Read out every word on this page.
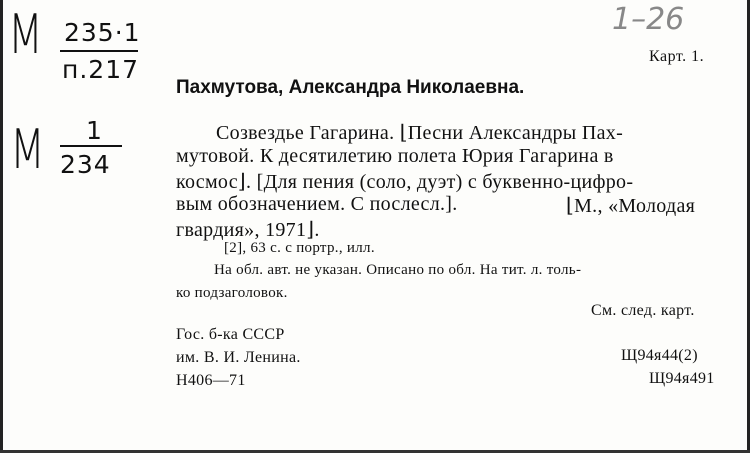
М 235·1
п.217
М 1
234
1–26
Карт. 1.
Пахмутова, Александра Николаевна.
Созвездье Гагарина. ⌊Песни Александры Пах-
мутовой. К десятилетию полета Юрия Гагарина в
космос⌋. [Для пения (соло, дуэт) с буквенно-цифро-
вым обозначением. С послесл.].	⌊М., «Молодая
гвардия», 1971⌋.
[2], 63 с. с портр., илл.
На обл. авт. не указан. Описано по обл. На тит. л. толь-
ко подзаголовок.
См. след. карт.
Гос. б-ка СССР
им. В. И. Ленина.
Н406—71
Щ94я44(2)
Щ94я491
